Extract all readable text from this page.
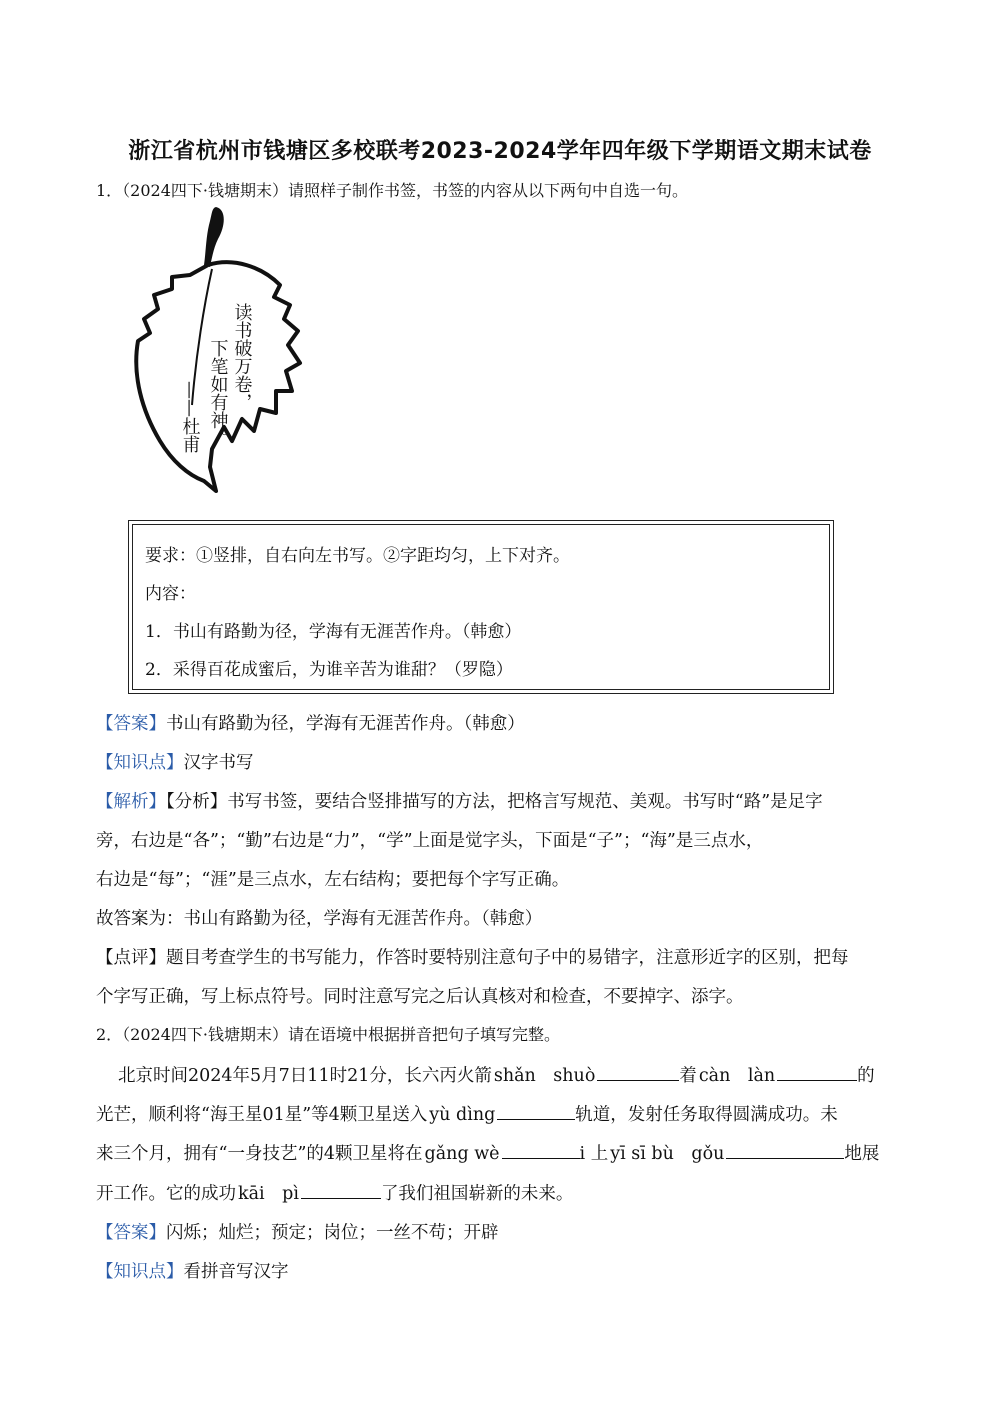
浙江省杭州市钱塘区多校联考2023-2024学年四年级下学期语文期末试卷
1．（2024四下·钱塘期末）请照样子制作书签，书签的内容从以下两句中自选一句。
读书破万卷，
下笔如有神。
——杜甫
要求：①竖排，自右向左书写。②字距均匀，上下对齐。
内容：
1．书山有路勤为径，学海有无涯苦作舟。（韩愈）
2．采得百花成蜜后，为谁辛苦为谁甜？（罗隐）
【答案】书山有路勤为径，学海有无涯苦作舟。（韩愈）
【知识点】汉字书写
【解析】【分析】书写书签，要结合竖排描写的方法，把格言写规范、美观。书写时“路”是足字
旁，右边是“各”；“勤”右边是“力”，“学”上面是觉字头，下面是“子”；“海”是三点水，
右边是“每”；“涯”是三点水，左右结构；要把每个字写正确。
故答案为：书山有路勤为径，学海有无涯苦作舟。（韩愈）
【点评】题目考查学生的书写能力，作答时要特别注意句子中的易错字，注意形近字的区别，把每
个字写正确，写上标点符号。同时注意写完之后认真核对和检查，不要掉字、添字。
2．（2024四下·钱塘期末）请在语境中根据拼音把句子填写完整。
北京时间2024年5月7日11时21分，长六丙火箭 shǎn　shuò	着 càn　làn	的
光芒，顺利将“海王星01星”等4颗卫星送入 yù dìng	轨道，发射任务取得圆满成功。未
来三个月，拥有“一身技艺”的4颗卫星将在 gǎng wè	i 上 yī sī bù　gǒu	地展
开工作。它的成功 kāi　pì	了我们祖国崭新的未来。
【答案】闪烁；灿烂；预定；岗位；一丝不苟；开辟
【知识点】看拼音写汉字
